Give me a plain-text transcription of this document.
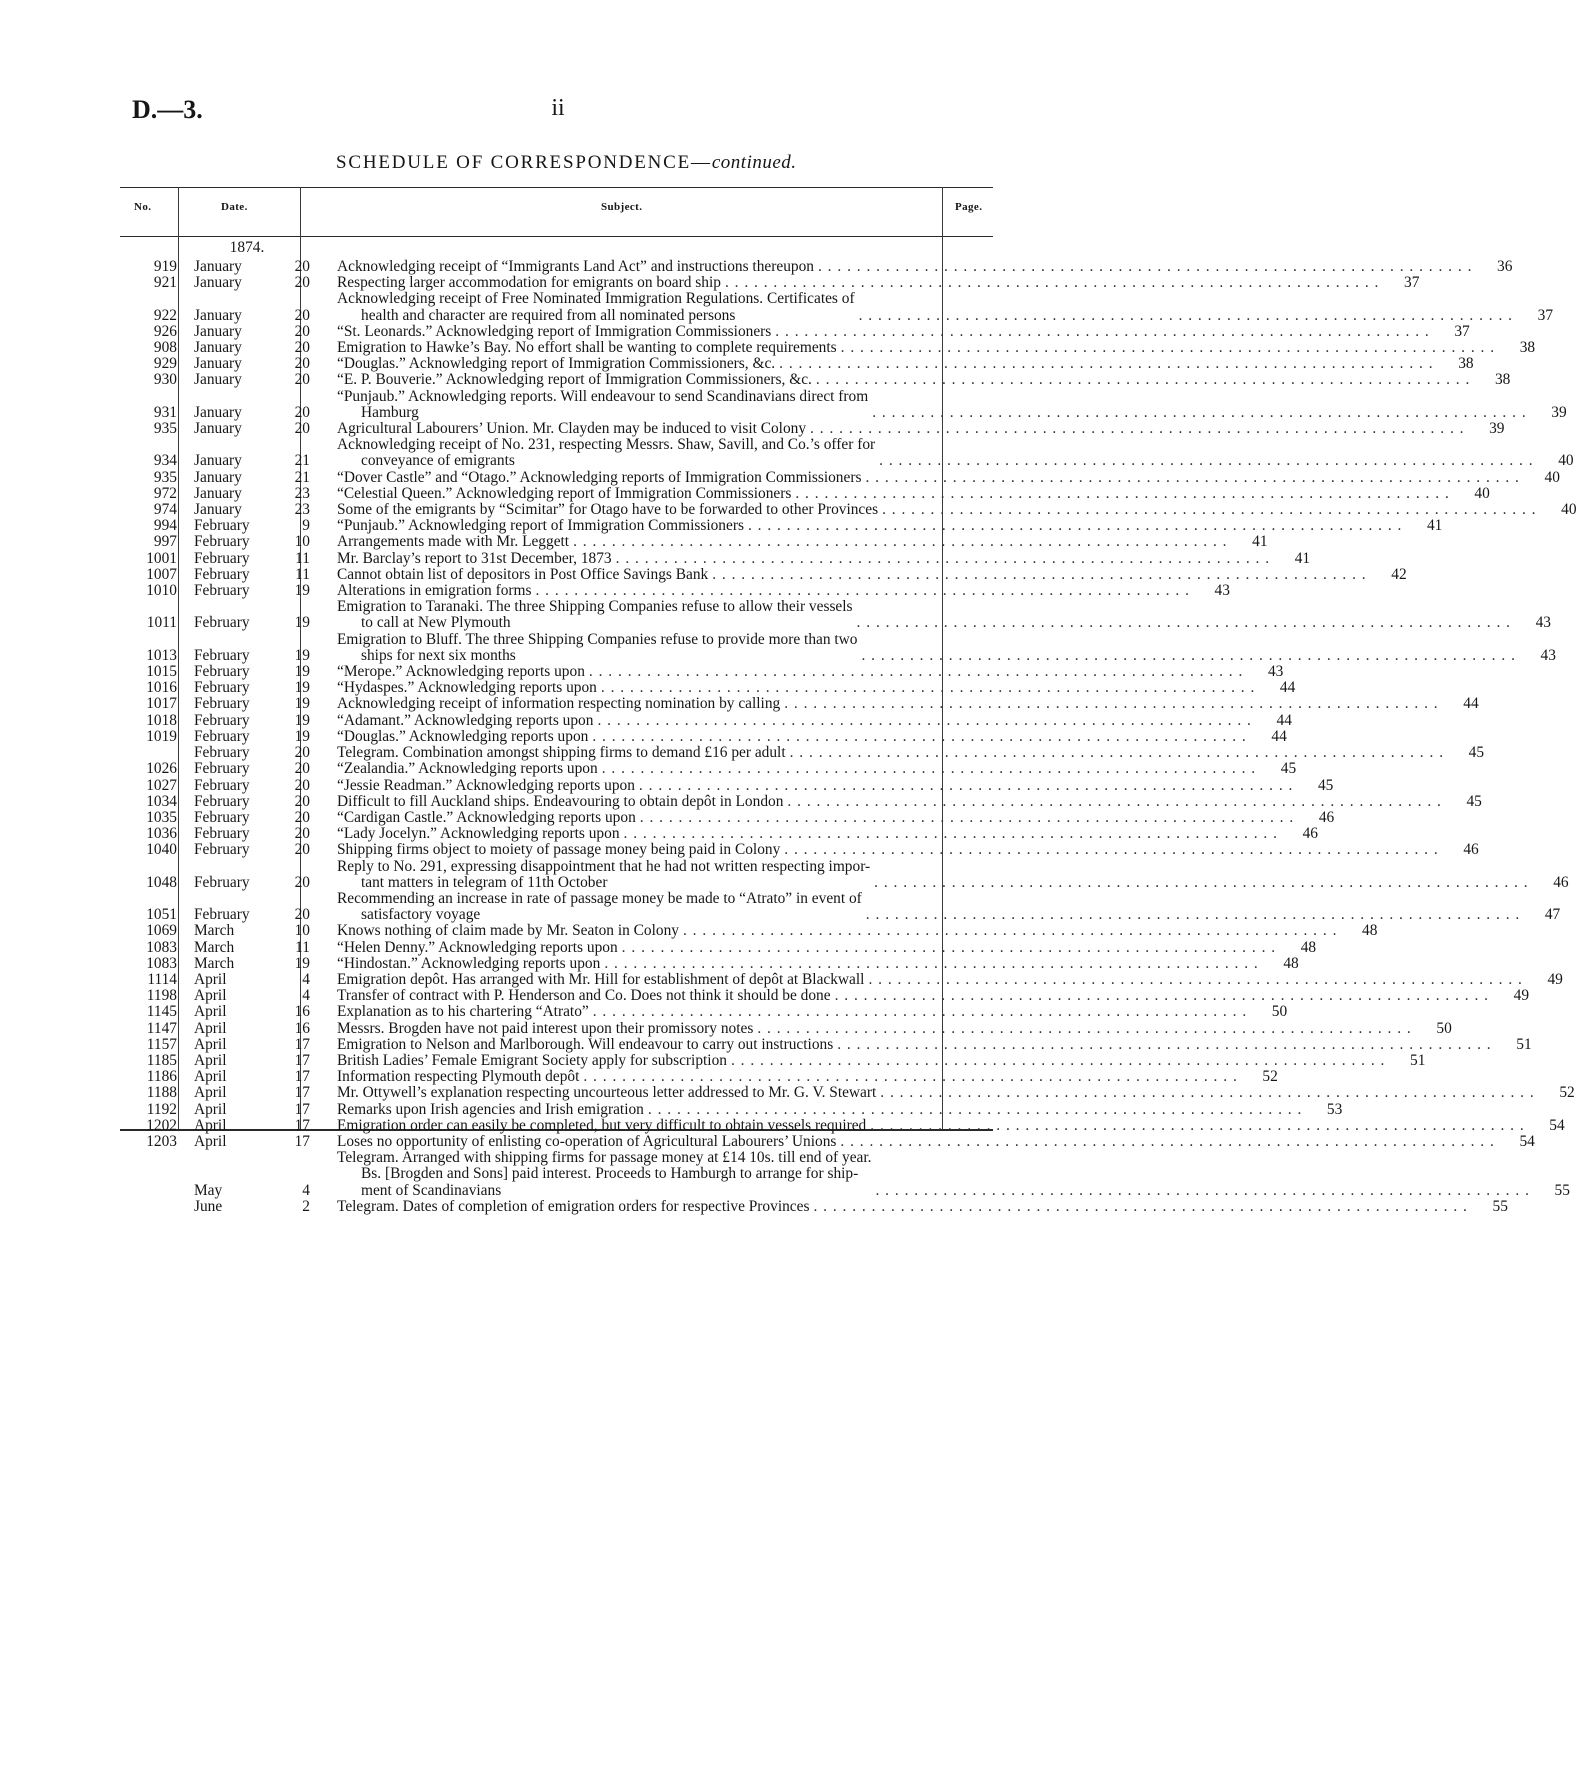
D.—3.	ii
SCHEDULE OF CORRESPONDENCE—continued.
No.	Date.	Subject.	Page.
1874.
919 January	20 Acknowledging receipt of “Immigrants Land Act” and instructions thereupon . . . . . . . . . . . . . . . . . . . . . . . . . . . . . . . . . . . . . . . . . . . . . . . . . . . . . . . . . . . . . . . . . . . .	36
921 January	20 Respecting larger accommodation for emigrants on board ship . . . . . . . . . . . . . . . . . . . . . . . . . . . . . . . . . . . . . . . . . . . . . . . . . . . . . . . . . . . . . . . . . . . .	37
922 January	20
Acknowledging receipt of Free Nominated Immigration Regulations. Certificates of
health and character are required from all nominated persons	. . . . . . . . . . . . . . . . . . . . . . . . . . . . . . . . . . . . . . . . . . . . . . . . . . . . . . . . . . . . . . . . . . . .	37
926 January	20 “St. Leonards.” Acknowledging report of Immigration Commissioners . . . . . . . . . . . . . . . . . . . . . . . . . . . . . . . . . . . . . . . . . . . . . . . . . . . . . . . . . . . . . . . . . . . .	37
908 January	20 Emigration to Hawke’s Bay. No effort shall be wanting to complete requirements . . . . . . . . . . . . . . . . . . . . . . . . . . . . . . . . . . . . . . . . . . . . . . . . . . . . . . . . . . . . . . . . . . . .	38
929 January	20 “Douglas.” Acknowledging report of Immigration Commissioners, &c. . . . . . . . . . . . . . . . . . . . . . . . . . . . . . . . . . . . . . . . . . . . . . . . . . . . . . . . . . . . . . . . . . . . .	38
930 January	20 “E. P. Bouverie.” Acknowledging report of Immigration Commissioners, &c. . . . . . . . . . . . . . . . . . . . . . . . . . . . . . . . . . . . . . . . . . . . . . . . . . . . . . . . . . . . . . . . . . . . .	38
931 January	20
“Punjaub.” Acknowledging reports. Will endeavour to send Scandinavians direct from
Hamburg	. . . . . . . . . . . . . . . . . . . . . . . . . . . . . . . . . . . . . . . . . . . . . . . . . . . . . . . . . . . . . . . . . . . .	39
935 January	20 Agricultural Labourers’ Union. Mr. Clayden may be induced to visit Colony . . . . . . . . . . . . . . . . . . . . . . . . . . . . . . . . . . . . . . . . . . . . . . . . . . . . . . . . . . . . . . . . . . . .	39
934 January	21
Acknowledging receipt of No. 231, respecting Messrs. Shaw, Savill, and Co.’s offer for
conveyance of emigrants	. . . . . . . . . . . . . . . . . . . . . . . . . . . . . . . . . . . . . . . . . . . . . . . . . . . . . . . . . . . . . . . . . . . .	40
935 January	21 “Dover Castle” and “Otago.” Acknowledging reports of Immigration Commissioners . . . . . . . . . . . . . . . . . . . . . . . . . . . . . . . . . . . . . . . . . . . . . . . . . . . . . . . . . . . . . . . . . . . .	40
972 January	23 “Celestial Queen.” Acknowledging report of Immigration Commissioners . . . . . . . . . . . . . . . . . . . . . . . . . . . . . . . . . . . . . . . . . . . . . . . . . . . . . . . . . . . . . . . . . . . .	40
974 January	23 Some of the emigrants by “Scimitar” for Otago have to be forwarded to other Provinces . . . . . . . . . . . . . . . . . . . . . . . . . . . . . . . . . . . . . . . . . . . . . . . . . . . . . . . . . . . . . . . . . . . .	40
994 February	9 “Punjaub.” Acknowledging report of Immigration Commissioners . . . . . . . . . . . . . . . . . . . . . . . . . . . . . . . . . . . . . . . . . . . . . . . . . . . . . . . . . . . . . . . . . . . .	41
997 February	10 Arrangements made with Mr. Leggett . . . . . . . . . . . . . . . . . . . . . . . . . . . . . . . . . . . . . . . . . . . . . . . . . . . . . . . . . . . . . . . . . . . .	41
1001 February	11 Mr. Barclay’s report to 31st December, 1873 . . . . . . . . . . . . . . . . . . . . . . . . . . . . . . . . . . . . . . . . . . . . . . . . . . . . . . . . . . . . . . . . . . . .	41
1007 February	11 Cannot obtain list of depositors in Post Office Savings Bank . . . . . . . . . . . . . . . . . . . . . . . . . . . . . . . . . . . . . . . . . . . . . . . . . . . . . . . . . . . . . . . . . . . .	42
1010 February	19 Alterations in emigration forms . . . . . . . . . . . . . . . . . . . . . . . . . . . . . . . . . . . . . . . . . . . . . . . . . . . . . . . . . . . . . . . . . . . .	43
1011 February	19
Emigration to Taranaki. The three Shipping Companies refuse to allow their vessels
to call at New Plymouth	. . . . . . . . . . . . . . . . . . . . . . . . . . . . . . . . . . . . . . . . . . . . . . . . . . . . . . . . . . . . . . . . . . . .	43
1013 February	19
Emigration to Bluff. The three Shipping Companies refuse to provide more than two
ships for next six months	. . . . . . . . . . . . . . . . . . . . . . . . . . . . . . . . . . . . . . . . . . . . . . . . . . . . . . . . . . . . . . . . . . . .	43
1015 February	19 “Merope.” Acknowledging reports upon . . . . . . . . . . . . . . . . . . . . . . . . . . . . . . . . . . . . . . . . . . . . . . . . . . . . . . . . . . . . . . . . . . . .	43
1016 February	19 “Hydaspes.” Acknowledging reports upon . . . . . . . . . . . . . . . . . . . . . . . . . . . . . . . . . . . . . . . . . . . . . . . . . . . . . . . . . . . . . . . . . . . .	44
1017 February	19 Acknowledging receipt of information respecting nomination by calling . . . . . . . . . . . . . . . . . . . . . . . . . . . . . . . . . . . . . . . . . . . . . . . . . . . . . . . . . . . . . . . . . . . .	44
1018 February	19 “Adamant.” Acknowledging reports upon . . . . . . . . . . . . . . . . . . . . . . . . . . . . . . . . . . . . . . . . . . . . . . . . . . . . . . . . . . . . . . . . . . . .	44
1019 February	19 “Douglas.” Acknowledging reports upon . . . . . . . . . . . . . . . . . . . . . . . . . . . . . . . . . . . . . . . . . . . . . . . . . . . . . . . . . . . . . . . . . . . .	44
February	20 Telegram. Combination amongst shipping firms to demand £16 per adult . . . . . . . . . . . . . . . . . . . . . . . . . . . . . . . . . . . . . . . . . . . . . . . . . . . . . . . . . . . . . . . . . . . .	45
1026 February	20 “Zealandia.” Acknowledging reports upon . . . . . . . . . . . . . . . . . . . . . . . . . . . . . . . . . . . . . . . . . . . . . . . . . . . . . . . . . . . . . . . . . . . .	45
1027 February	20 “Jessie Readman.” Acknowledging reports upon . . . . . . . . . . . . . . . . . . . . . . . . . . . . . . . . . . . . . . . . . . . . . . . . . . . . . . . . . . . . . . . . . . . .	45
1034 February	20 Difficult to fill Auckland ships. Endeavouring to obtain depôt in London . . . . . . . . . . . . . . . . . . . . . . . . . . . . . . . . . . . . . . . . . . . . . . . . . . . . . . . . . . . . . . . . . . . .	45
1035 February	20 “Cardigan Castle.” Acknowledging reports upon . . . . . . . . . . . . . . . . . . . . . . . . . . . . . . . . . . . . . . . . . . . . . . . . . . . . . . . . . . . . . . . . . . . .	46
1036 February	20 “Lady Jocelyn.” Acknowledging reports upon . . . . . . . . . . . . . . . . . . . . . . . . . . . . . . . . . . . . . . . . . . . . . . . . . . . . . . . . . . . . . . . . . . . .	46
1040 February	20 Shipping firms object to moiety of passage money being paid in Colony . . . . . . . . . . . . . . . . . . . . . . . . . . . . . . . . . . . . . . . . . . . . . . . . . . . . . . . . . . . . . . . . . . . .	46
1048 February	20
Reply to No. 291, expressing disappointment that he had not written respecting impor-
tant matters in telegram of 11th October	. . . . . . . . . . . . . . . . . . . . . . . . . . . . . . . . . . . . . . . . . . . . . . . . . . . . . . . . . . . . . . . . . . . .	46
1051 February	20
Recommending an increase in rate of passage money be made to “Atrato” in event of
satisfactory voyage	. . . . . . . . . . . . . . . . . . . . . . . . . . . . . . . . . . . . . . . . . . . . . . . . . . . . . . . . . . . . . . . . . . . .	47
1069 March	10 Knows nothing of claim made by Mr. Seaton in Colony . . . . . . . . . . . . . . . . . . . . . . . . . . . . . . . . . . . . . . . . . . . . . . . . . . . . . . . . . . . . . . . . . . . .	48
1083 March	11 “Helen Denny.” Acknowledging reports upon . . . . . . . . . . . . . . . . . . . . . . . . . . . . . . . . . . . . . . . . . . . . . . . . . . . . . . . . . . . . . . . . . . . .	48
1083 March	19 “Hindostan.” Acknowledging reports upon . . . . . . . . . . . . . . . . . . . . . . . . . . . . . . . . . . . . . . . . . . . . . . . . . . . . . . . . . . . . . . . . . . . .	48
1114 April	4 Emigration depôt. Has arranged with Mr. Hill for establishment of depôt at Blackwall . . . . . . . . . . . . . . . . . . . . . . . . . . . . . . . . . . . . . . . . . . . . . . . . . . . . . . . . . . . . . . . . . . . .	49
1198 April	4 Transfer of contract with P. Henderson and Co. Does not think it should be done . . . . . . . . . . . . . . . . . . . . . . . . . . . . . . . . . . . . . . . . . . . . . . . . . . . . . . . . . . . . . . . . . . . .	49
1145 April	16 Explanation as to his chartering “Atrato” . . . . . . . . . . . . . . . . . . . . . . . . . . . . . . . . . . . . . . . . . . . . . . . . . . . . . . . . . . . . . . . . . . . .	50
1147 April	16 Messrs. Brogden have not paid interest upon their promissory notes . . . . . . . . . . . . . . . . . . . . . . . . . . . . . . . . . . . . . . . . . . . . . . . . . . . . . . . . . . . . . . . . . . . .	50
1157 April	17 Emigration to Nelson and Marlborough. Will endeavour to carry out instructions . . . . . . . . . . . . . . . . . . . . . . . . . . . . . . . . . . . . . . . . . . . . . . . . . . . . . . . . . . . . . . . . . . . .	51
1185 April	17 British Ladies’ Female Emigrant Society apply for subscription . . . . . . . . . . . . . . . . . . . . . . . . . . . . . . . . . . . . . . . . . . . . . . . . . . . . . . . . . . . . . . . . . . . .	51
1186 April	17 Information respecting Plymouth depôt . . . . . . . . . . . . . . . . . . . . . . . . . . . . . . . . . . . . . . . . . . . . . . . . . . . . . . . . . . . . . . . . . . . .	52
1188 April	17 Mr. Ottywell’s explanation respecting uncourteous letter addressed to Mr. G. V. Stewart . . . . . . . . . . . . . . . . . . . . . . . . . . . . . . . . . . . . . . . . . . . . . . . . . . . . . . . . . . . . . . . . . . . .	52
1192 April	17 Remarks upon Irish agencies and Irish emigration . . . . . . . . . . . . . . . . . . . . . . . . . . . . . . . . . . . . . . . . . . . . . . . . . . . . . . . . . . . . . . . . . . . .	53
1202 April	17 Emigration order can easily be completed, but very difficult to obtain vessels required . . . . . . . . . . . . . . . . . . . . . . . . . . . . . . . . . . . . . . . . . . . . . . . . . . . . . . . . . . . . . . . . . . . .	54
1203 April	17 Loses no opportunity of enlisting co-operation of Agricultural Labourers’ Unions . . . . . . . . . . . . . . . . . . . . . . . . . . . . . . . . . . . . . . . . . . . . . . . . . . . . . . . . . . . . . . . . . . . .	54
May	4
Telegram. Arranged with shipping firms for passage money at £14 10s. till end of year.
Bs. [Brogden and Sons] paid interest. Proceeds to Hamburgh to arrange for ship-
ment of Scandinavians	. . . . . . . . . . . . . . . . . . . . . . . . . . . . . . . . . . . . . . . . . . . . . . . . . . . . . . . . . . . . . . . . . . . .	55
June	2 Telegram. Dates of completion of emigration orders for respective Provinces . . . . . . . . . . . . . . . . . . . . . . . . . . . . . . . . . . . . . . . . . . . . . . . . . . . . . . . . . . . . . . . . . . . .	55
